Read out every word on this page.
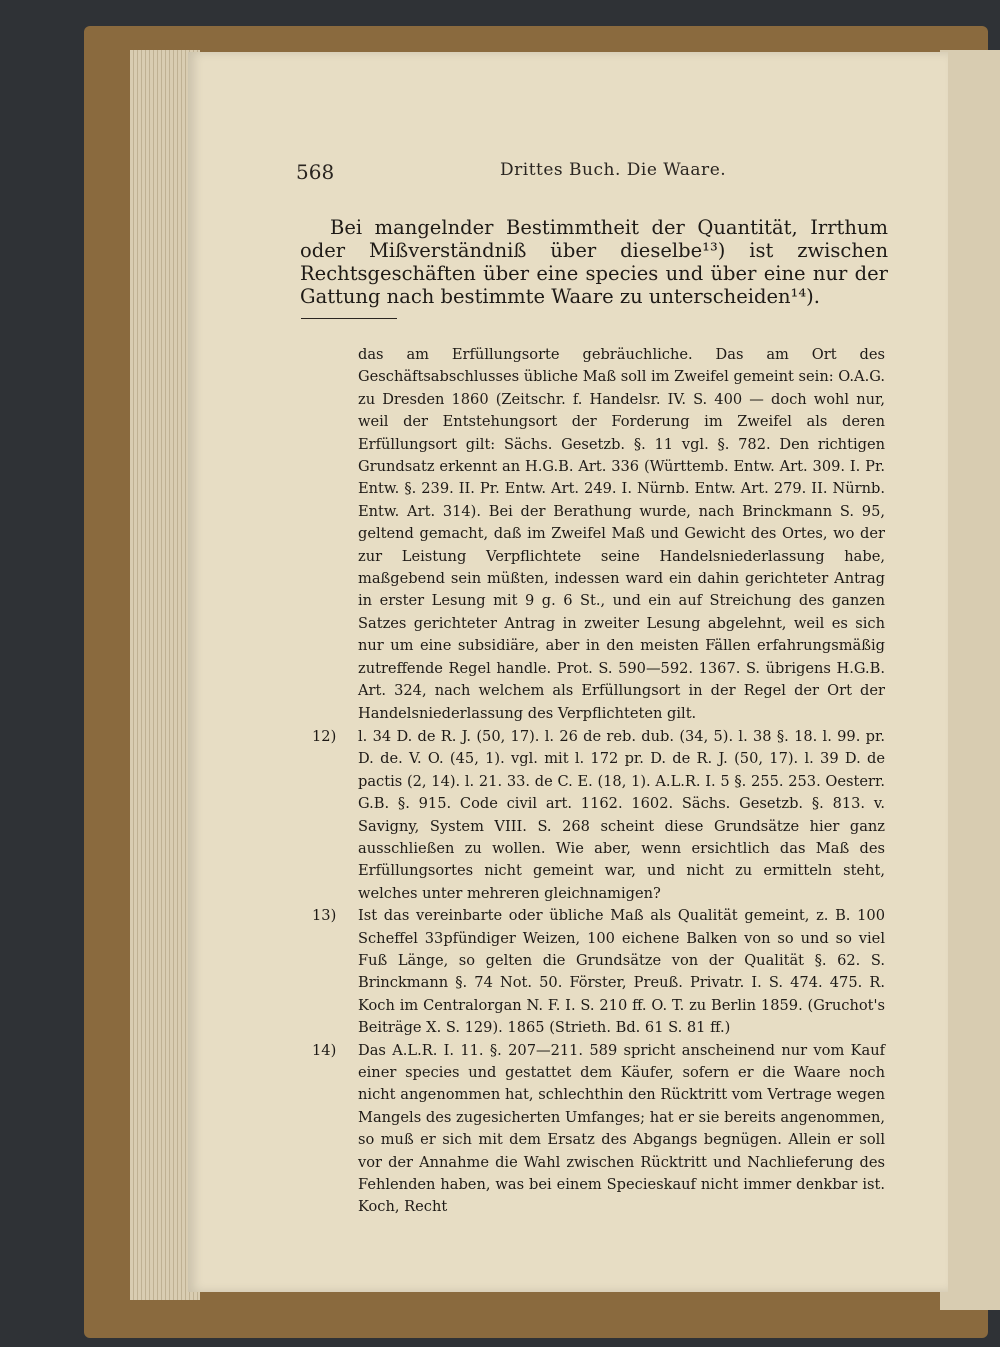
568	Drittes Buch. Die Waare.

Bei mangelnder Bestimmtheit der Quantität, Irrthum oder Mißverständniß über dieselbe¹³) ist zwischen Rechtsgeschäften über eine species und über eine nur der Gattung nach bestimmte Waare zu unterscheiden¹⁴).

das am Erfüllungsorte gebräuchliche. Das am Ort des Geschäftsabschlusses übliche Maß soll im Zweifel gemeint sein: O.A.G. zu Dresden 1860 (Zeitschr. f. Handelsr. IV. S. 400 — doch wohl nur, weil der Entstehungsort der Forderung im Zweifel als deren Erfüllungsort gilt: Sächs. Gesetzb. §. 11 vgl. §. 782. Den richtigen Grundsatz erkennt an H.G.B. Art. 336 (Württemb. Entw. Art. 309. I. Pr. Entw. §. 239. II. Pr. Entw. Art. 249. I. Nürnb. Entw. Art. 279. II. Nürnb. Entw. Art. 314). Bei der Berathung wurde, nach Brinckmann S. 95, geltend gemacht, daß im Zweifel Maß und Gewicht des Ortes, wo der zur Leistung Verpflichtete seine Handelsniederlassung habe, maßgebend sein müßten, indessen ward ein dahin gerichteter Antrag in erster Lesung mit 9 g. 6 St., und ein auf Streichung des ganzen Satzes gerichteter Antrag in zweiter Lesung abgelehnt, weil es sich nur um eine subsidiäre, aber in den meisten Fällen erfahrungsmäßig zutreffende Regel handle. Prot. S. 590—592. 1367. S. übrigens H.G.B. Art. 324, nach welchem als Erfüllungsort in der Regel der Ort der Handelsniederlassung des Verpflichteten gilt.

12)	l. 34 D. de R. J. (50, 17). l. 26 de reb. dub. (34, 5). l. 38 §. 18. l. 99. pr. D. de. V. O. (45, 1). vgl. mit l. 172 pr. D. de R. J. (50, 17). l. 39 D. de pactis (2, 14). l. 21. 33. de C. E. (18, 1). A.L.R. I. 5 §. 255. 253. Oesterr. G.B. §. 915. Code civil art. 1162. 1602. Sächs. Gesetzb. §. 813. v. Savigny, System VIII. S. 268 scheint diese Grundsätze hier ganz ausschließen zu wollen. Wie aber, wenn ersichtlich das Maß des Erfüllungsortes nicht gemeint war, und nicht zu ermitteln steht, welches unter mehreren gleichnamigen?
13)	Ist das vereinbarte oder übliche Maß als Qualität gemeint, z. B. 100 Scheffel 33pfündiger Weizen, 100 eichene Balken von so und so viel Fuß Länge, so gelten die Grundsätze von der Qualität §. 62. S. Brinckmann §. 74 Not. 50. Förster, Preuß. Privatr. I. S. 474. 475. R. Koch im Centralorgan N. F. I. S. 210 ff. O. T. zu Berlin 1859. (Gruchot's Beiträge X. S. 129). 1865 (Strieth. Bd. 61 S. 81 ff.)
14)	Das A.L.R. I. 11. §. 207—211. 589 spricht anscheinend nur vom Kauf einer species und gestattet dem Käufer, sofern er die Waare noch nicht angenommen hat, schlechthin den Rücktritt vom Vertrage wegen Mangels des zugesicherten Umfanges; hat er sie bereits angenommen, so muß er sich mit dem Ersatz des Abgangs begnügen. Allein er soll vor der Annahme die Wahl zwischen Rücktritt und Nachlieferung des Fehlenden haben, was bei einem Specieskauf nicht immer denkbar ist. Koch, Recht
